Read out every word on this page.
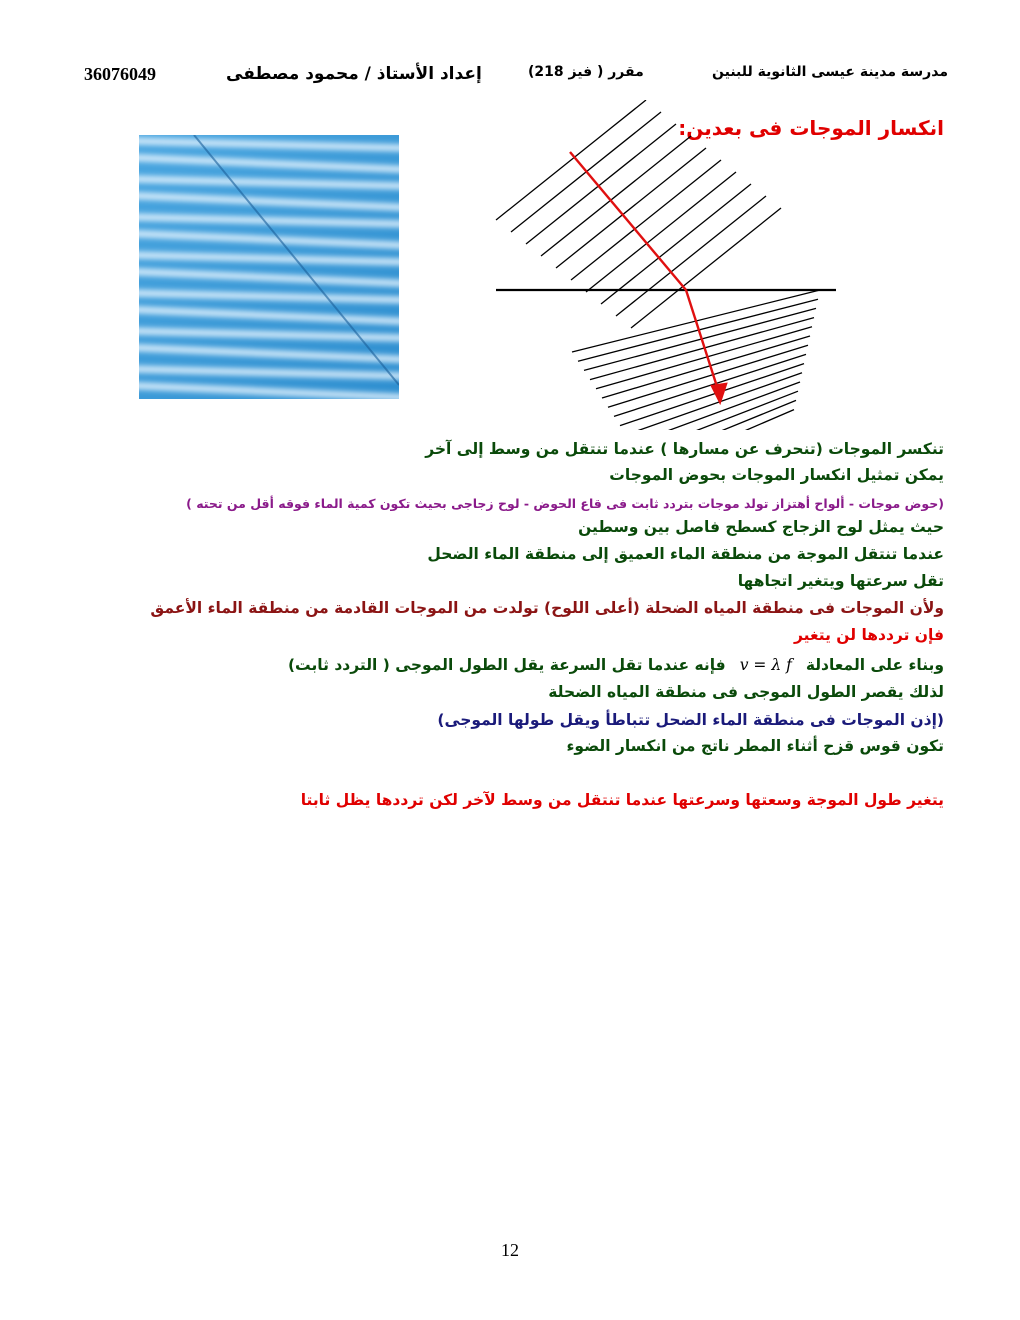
مدرسة مدينة عيسى الثانوية للبنين
مقرر ( فيز 218)
إعداد الأستاذ / محمود مصطفى
36076049
انكسار الموجات فى بعدين:
تنكسر الموجات (تنحرف عن مسارها ) عندما تنتقل من وسط إلى آخر
يمكن تمثيل انكسار الموجات بحوض الموجات
(حوض موجات - ألواح أهتزاز تولد موجات بتردد ثابت فى قاع الحوض - لوح زجاجى بحيث تكون كمية الماء فوقه أقل من تحته )
حيث يمثل لوح الزجاج كسطح فاصل بين وسطين
عندما تنتقل الموجة من منطقة الماء العميق إلى منطقة الماء الضحل
تقل سرعتها ويتغير اتجاهها
ولأن الموجات فى منطقة المياه الضحلة (أعلى اللوح) تولدت من الموجات القادمة من منطقة الماء الأعمق
فإن ترددها لن يتغير
وبناء على المعادلةv = λ fفإنه عندما تقل السرعة يقل الطول الموجى ( التردد ثابت)
لذلك يقصر الطول الموجى فى منطقة المياه الضحلة
(إذن الموجات فى منطقة الماء الضحل تتباطأ ويقل طولها الموجى)
تكون قوس قزح أثناء المطر ناتج من انكسار الضوء
يتغير طول الموجة وسعتها وسرعتها عندما تنتقل من وسط لآخر لكن ترددها يظل ثابتا
12
